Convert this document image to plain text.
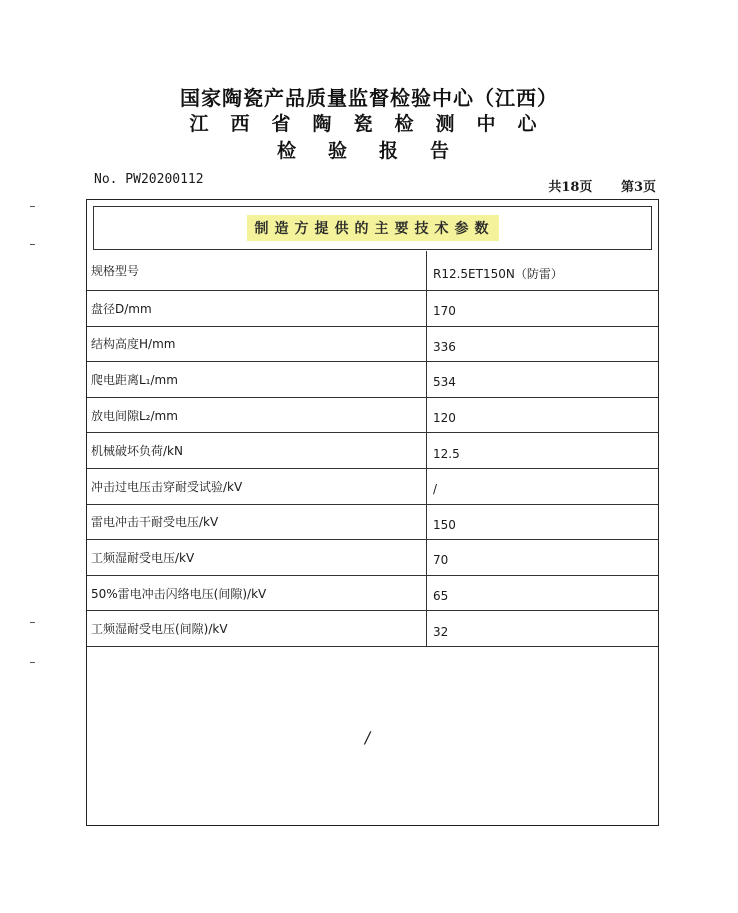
国家陶瓷产品质量监督检验中心（江西）
江西省陶瓷检测中心
检验报告
No. PW20200112
共18页 第3页
制造方提供的主要技术参数
规格型号	R12.5ET150N（防雷）
盘径D/mm	170
结构高度H/mm	336
爬电距离L₁/mm	534
放电间隙L₂/mm	120
机械破坏负荷/kN	12.5
冲击过电压击穿耐受试验/kV	/
雷电冲击干耐受电压/kV	150
工频湿耐受电压/kV	70
50%雷电冲击闪络电压(间隙)/kV	65
工频湿耐受电压(间隙)/kV	32
/
